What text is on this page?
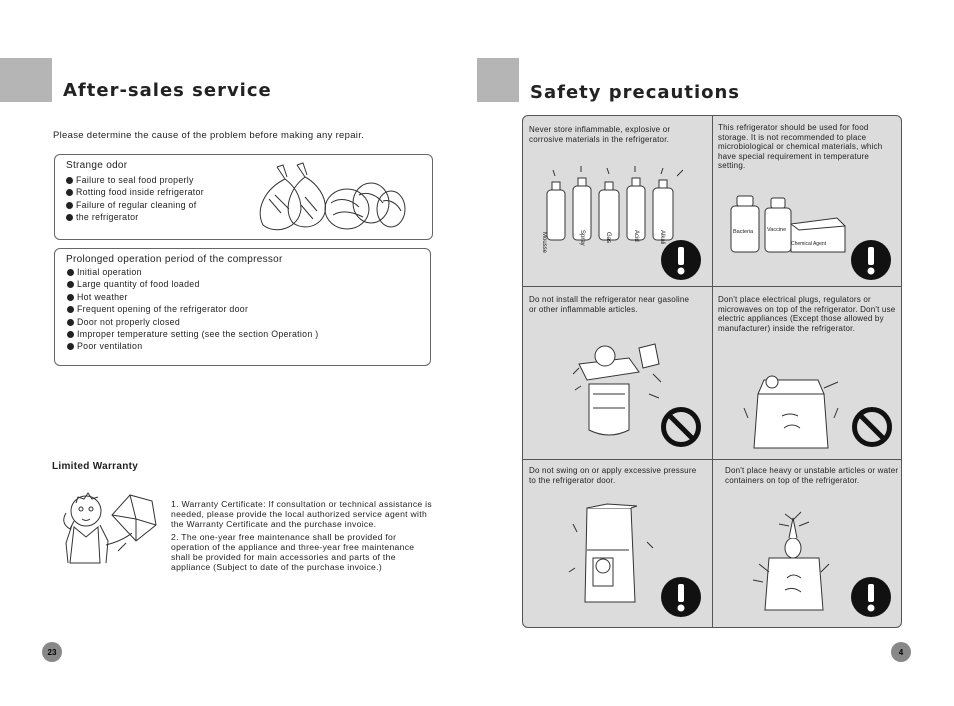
After-sales service
Please determine the cause of the problem before making any repair.
Strange odor
Failure to seal food properly
Rotting food inside refrigerator
Failure of regular cleaning of
the refrigerator
Prolonged operation period of the compressor
Initial operation
Large quantity of food loaded
Hot weather
Frequent opening of the refrigerator door
Door not properly closed
Improper temperature setting (see the section Operation )
Poor ventilation
Limited Warranty
1. Warranty Certificate: If consultation or technical assistance is needed, please provide the local authorized service agent with the Warranty Certificate and the purchase invoice.
2. The one-year free maintenance shall be provided for operation of the appliance and three-year free maintenance shall be provided for main accessories and parts of the appliance (Subject to date of the purchase invoice.)
23
Safety precautions
Never store inflammable, explosive or corrosive materials in the refrigerator.
Mousse	Spray	Gas	Acid	Alkali
This refrigerator should be used for food storage. It is not recommended to place microbiological or chemical materials, which have special requirement in temperature setting.
Bacteria	Vaccine
Chemical Agent
Do not install the refrigerator near gasoline or other inflammable articles.
Don't place electrical plugs, regulators or microwaves on top of the refrigerator. Don't use electric appliances (Except those allowed by manufacturer) inside the refrigerator.
Do not swing on or apply excessive pressure to the refrigerator door.
Don't place heavy or unstable articles or water containers on top of the refrigerator.
4
